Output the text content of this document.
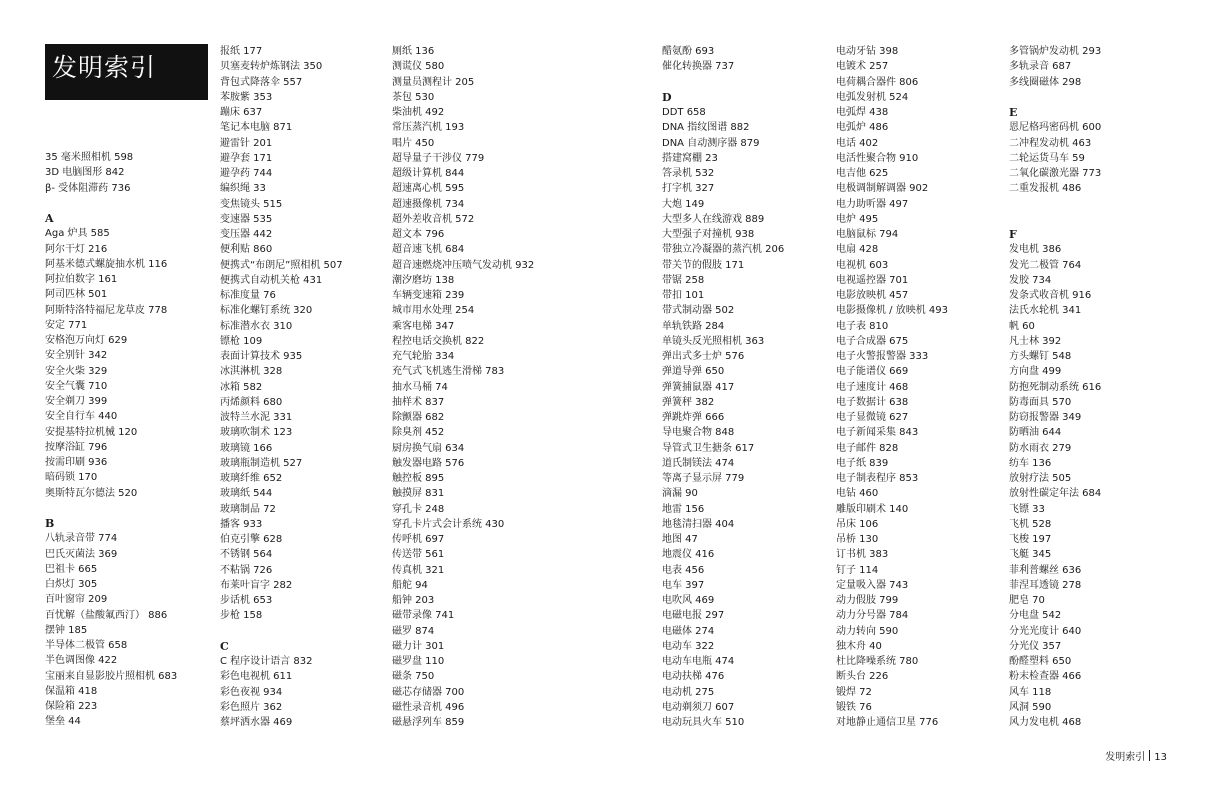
发明索引
35 毫米照相机 598
3D 电脑图形 842
β- 受体阻滞药 736
A
Aga 炉具 585
阿尔干灯 216
阿基米德式螺旋抽水机 116
阿拉伯数字 161
阿司匹林 501
阿斯特洛特福尼龙草皮 778
安定 771
安格泡万向灯 629
安全别针 342
安全火柴 329
安全气囊 710
安全剃刀 399
安全自行车 440
安提基特拉机械 120
按摩浴缸 796
按需印刷 936
暗码锁 170
奥斯特瓦尔德法 520
B
八轨录音带 774
巴氏灭菌法 369
巴祖卡 665
白炽灯 305
百叶窗帘 209
百忧解（盐酸氟西汀） 886
摆钟 185
半导体二极管 658
半色调图像 422
宝丽来自显影胶片照相机 683
保温箱 418
保险箱 223
堡垒 44
报纸 177
贝塞麦转炉炼钢法 350
背包式降落伞 557
苯胺紫 353
蹦床 637
笔记本电脑 871
避雷针 201
避孕套 171
避孕药 744
编织绳 33
变焦镜头 515
变速器 535
变压器 442
便利贴 860
便携式“布朗尼”照相机 507
便携式自动机关枪 431
标准度量 76
标准化螺钉系统 320
标准潜水衣 310
镖枪 109
表面计算技术 935
冰淇淋机 328
冰箱 582
丙烯颜料 680
波特兰水泥 331
玻璃吹制术 123
玻璃镜 166
玻璃瓶制造机 527
玻璃纤维 652
玻璃纸 544
玻璃制品 72
播客 933
伯克引擎 628
不锈钢 564
不粘锅 726
布莱叶盲字 282
步话机 653
步枪 158
C
C 程序设计语言 832
彩色电视机 611
彩色夜视 934
彩色照片 362
蔡坪洒水器 469
厕纸 136
测谎仪 580
测量员测程计 205
茶包 530
柴油机 492
常压蒸汽机 193
唱片 450
超导量子干涉仪 779
超级计算机 844
超速离心机 595
超速摄像机 734
超外差收音机 572
超文本 796
超音速飞机 684
超音速燃烧冲压喷气发动机 932
潮汐磨坊 138
车辆变速箱 239
城市用水处理 254
乘客电梯 347
程控电话交换机 822
充气轮胎 334
充气式飞机逃生滑梯 783
抽水马桶 74
抽样术 837
除颤器 682
除臭剂 452
厨房换气扇 634
触发器电路 576
触控板 895
触摸屏 831
穿孔卡 248
穿孔卡片式会计系统 430
传呼机 697
传送带 561
传真机 321
船舵 94
船钟 203
磁带录像 741
磁罗 874
磁力计 301
磁罗盘 110
磁条 750
磁芯存储器 700
磁性录音机 496
磁悬浮列车 859
醋氨酚 693
催化转换器 737
D
DDT 658
DNA 指纹图谱 882
DNA 自动测序器 879
搭建窝棚 23
答录机 532
打字机 327
大炮 149
大型多人在线游戏 889
大型强子对撞机 938
带独立冷凝器的蒸汽机 206
带关节的假肢 171
带锯 258
带扣 101
带式制动器 502
单轨铁路 284
单镜头反光照相机 363
弹出式多士炉 576
弹道导弹 650
弹簧捕鼠器 417
弹簧秤 382
弹跳炸弹 666
导电聚合物 848
导管式卫生搪条 617
道氏制镁法 474
等离子显示屏 779
滴漏 90
地雷 156
地毯清扫器 404
地图 47
地震仪 416
电表 456
电车 397
电吹风 469
电磁电报 297
电磁体 274
电动车 322
电动车电瓶 474
电动扶梯 476
电动机 275
电动剃须刀 607
电动玩具火车 510
电动牙钻 398
电镀术 257
电荷耦合器件 806
电弧发射机 524
电弧焊 438
电弧炉 486
电话 402
电活性聚合物 910
电吉他 625
电极调制解调器 902
电力助听器 497
电炉 495
电脑鼠标 794
电扇 428
电视机 603
电视遥控器 701
电影放映机 457
电影摄像机 / 放映机 493
电子表 810
电子合成器 675
电子火警报警器 333
电子能谱仪 669
电子速度计 468
电子数据计 638
电子显微镜 627
电子新闻采集 843
电子邮件 828
电子纸 839
电子制表程序 853
电钻 460
雕版印刷术 140
吊床 106
吊桥 130
订书机 383
钉子 114
定量吸入器 743
动力假肢 799
动力分号器 784
动力转向 590
独木舟 40
杜比降噪系统 780
断头台 226
锻焊 72
锻铁 76
对地静止通信卫星 776
多管锅炉发动机 293
多轨录音 687
多线圈磁体 298
E
恩尼格玛密码机 600
二冲程发动机 463
二轮运货马车 59
二氧化碳激光器 773
二重发报机 486
F
发电机 386
发光二极管 764
发胶 734
发条式收音机 916
法氏水轮机 341
帆 60
凡士林 392
方头螺钉 548
方向盘 499
防抱死制动系统 616
防毒面具 570
防窃报警器 349
防晒油 644
防水雨衣 279
纺车 136
放射疗法 505
放射性碳定年法 684
飞镖 33
飞机 528
飞梭 197
飞艇 345
菲利普螺丝 636
菲涅耳透镜 278
肥皂 70
分电盘 542
分光光度计 640
分光仪 357
酚醛塑料 650
粉末检查器 466
风车 118
风洞 590
风力发电机 468
发明索引 13
